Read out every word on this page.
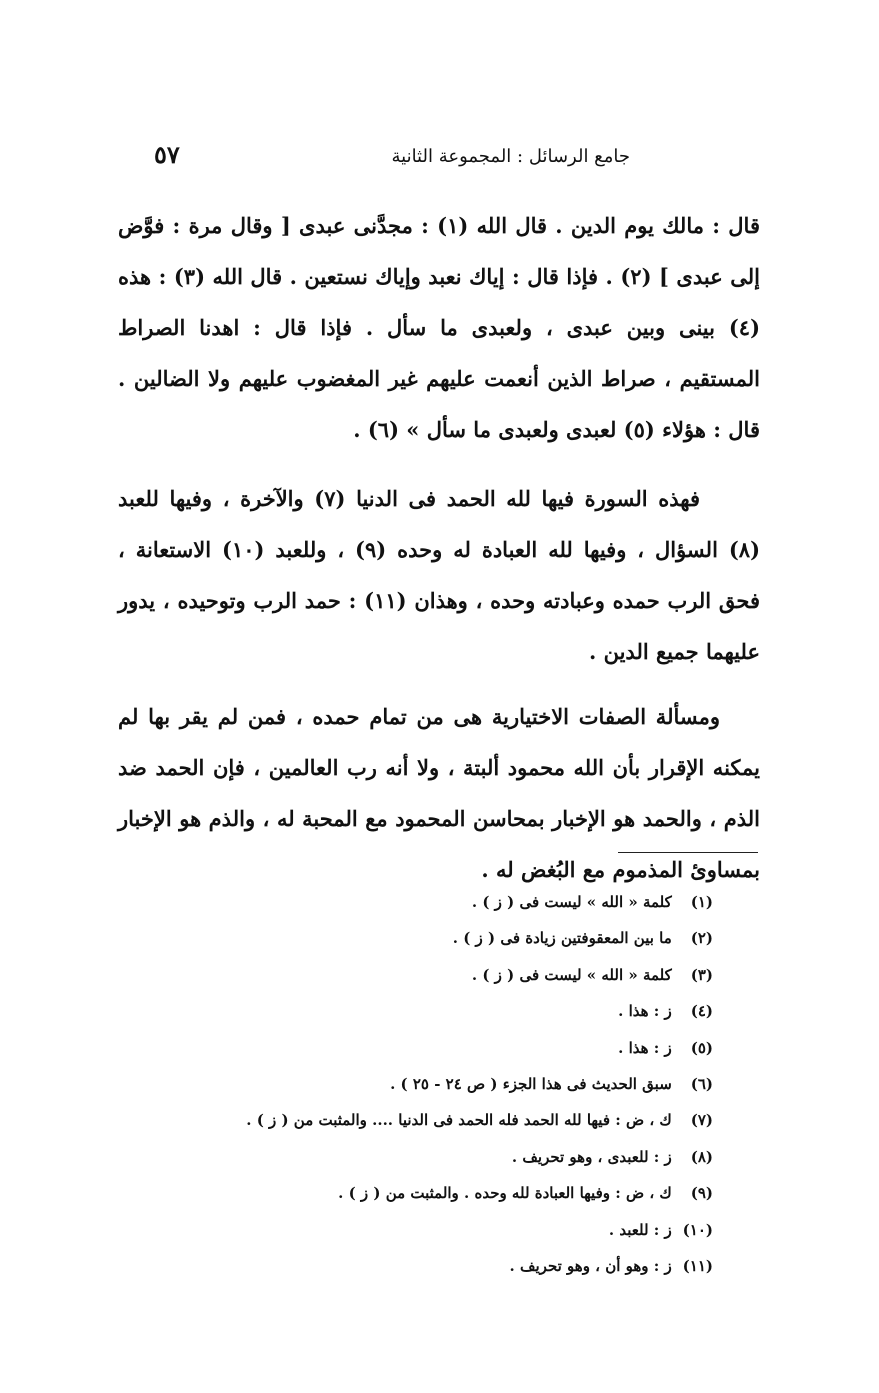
جامع الرسائل : المجموعة الثانية
٥٧

قال : مالك يوم الدين . قال الله (١) : مجدَّنى عبدى [ وقال مرة : فوَّض إلى عبدى ] (٢) . فإذا قال : إياك نعبد وإياك نستعين . قال الله (٣) : هذه (٤) بينى وبين عبدى ، ولعبدى ما سأل . فإذا قال : اهدنا الصراط المستقيم ، صراط الذين أنعمت عليهم غير المغضوب عليهم ولا الضالين . قال : هؤلاء (٥) لعبدى ولعبدى ما سأل » (٦) .

فهذه السورة فيها لله الحمد فى الدنيا (٧) والآخرة ، وفيها للعبد (٨) السؤال ، وفيها لله العبادة له وحده (٩) ، وللعبد (١٠) الاستعانة ، فحق الرب حمده وعبادته وحده ، وهذان (١١) : حمد الرب وتوحيده ، يدور عليهما جميع الدين .

ومسألة الصفات الاختيارية هى من تمام حمده ، فمن لم يقر بها لم يمكنه الإقرار بأن الله محمود ألبتة ، ولا أنه رب العالمين ، فإن الحمد ضد الذم ، والحمد هو الإخبار بمحاسن المحمود مع المحبة له ، والذم هو الإخبار بمساوئ المذموم مع البُغض له .

(١) كلمة « الله » ليست فى ( ز ) .
(٢) ما بين المعقوفتين زيادة فى ( ز ) .
(٣) كلمة « الله » ليست فى ( ز ) .
(٤) ز : هذا .
(٥) ز : هذا .
(٦) سبق الحديث فى هذا الجزء ( ص ٢٤ - ٢٥ ) .
(٧) ك ، ض : فيها لله الحمد فله الحمد فى الدنيا .... والمثبت من ( ز ) .
(٨) ز : للعبدى ، وهو تحريف .
(٩) ك ، ض : وفيها العبادة لله وحده . والمثبت من ( ز ) .
(١٠) ز : للعبد .
(١١) ز : وهو أن ، وهو تحريف .
